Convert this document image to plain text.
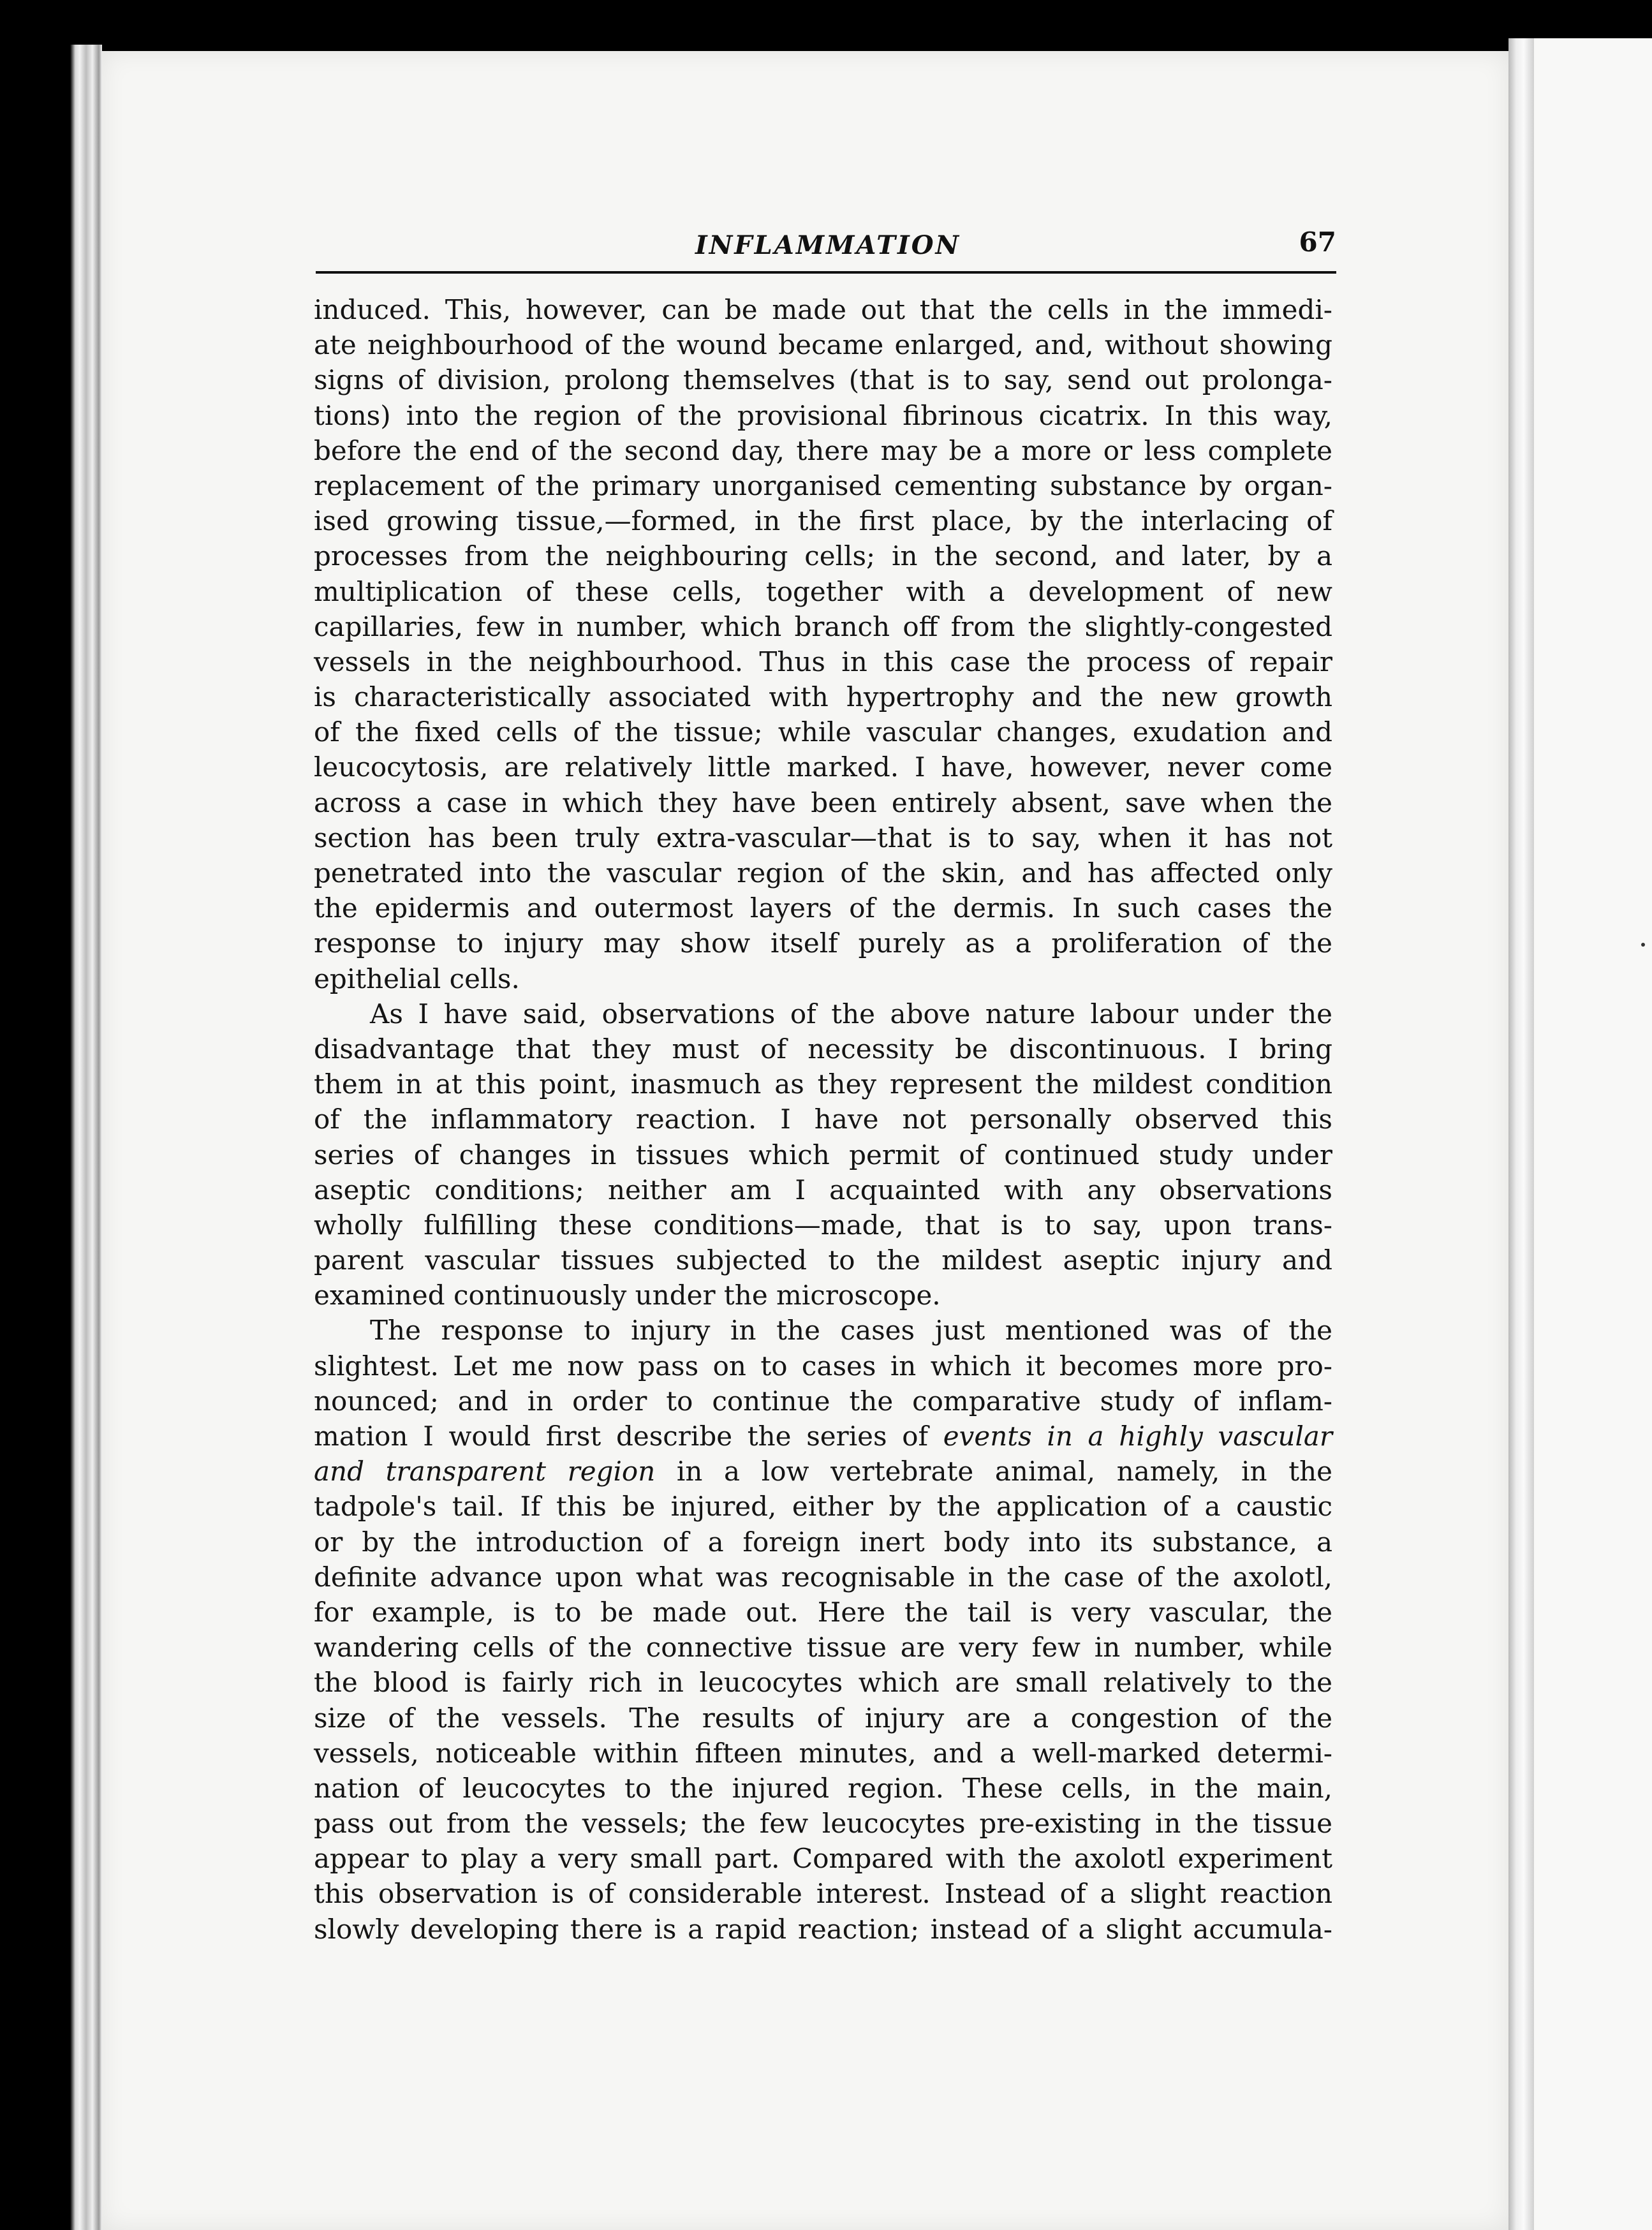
INFLAMMATION	67
induced. This, however, can be made out that the cells in the immedi-
ate neighbourhood of the wound became enlarged, and, without showing
signs of division, prolong themselves (that is to say, send out prolonga-
tions) into the region of the provisional fibrinous cicatrix. In this way,
before the end of the second day, there may be a more or less complete
replacement of the primary unorganised cementing substance by organ-
ised growing tissue,—formed, in the first place, by the interlacing of
processes from the neighbouring cells; in the second, and later, by a
multiplication of these cells, together with a development of new
capillaries, few in number, which branch off from the slightly-congested
vessels in the neighbourhood. Thus in this case the process of repair
is characteristically associated with hypertrophy and the new growth
of the fixed cells of the tissue; while vascular changes, exudation and
leucocytosis, are relatively little marked. I have, however, never come
across a case in which they have been entirely absent, save when the
section has been truly extra-vascular—that is to say, when it has not
penetrated into the vascular region of the skin, and has affected only
the epidermis and outermost layers of the dermis. In such cases the
response to injury may show itself purely as a proliferation of the
epithelial cells.
As I have said, observations of the above nature labour under the
disadvantage that they must of necessity be discontinuous. I bring
them in at this point, inasmuch as they represent the mildest condition
of the inflammatory reaction. I have not personally observed this
series of changes in tissues which permit of continued study under
aseptic conditions; neither am I acquainted with any observations
wholly fulfilling these conditions—made, that is to say, upon trans-
parent vascular tissues subjected to the mildest aseptic injury and
examined continuously under the microscope.
The response to injury in the cases just mentioned was of the
slightest. Let me now pass on to cases in which it becomes more pro-
nounced; and in order to continue the comparative study of inflam-
mation I would first describe the series of events in a highly vascular
and transparent region in a low vertebrate animal, namely, in the
tadpole's tail. If this be injured, either by the application of a caustic
or by the introduction of a foreign inert body into its substance, a
definite advance upon what was recognisable in the case of the axolotl,
for example, is to be made out. Here the tail is very vascular, the
wandering cells of the connective tissue are very few in number, while
the blood is fairly rich in leucocytes which are small relatively to the
size of the vessels. The results of injury are a congestion of the
vessels, noticeable within fifteen minutes, and a well-marked determi-
nation of leucocytes to the injured region. These cells, in the main,
pass out from the vessels; the few leucocytes pre-existing in the tissue
appear to play a very small part. Compared with the axolotl experiment
this observation is of considerable interest. Instead of a slight reaction
slowly developing there is a rapid reaction; instead of a slight accumula-
